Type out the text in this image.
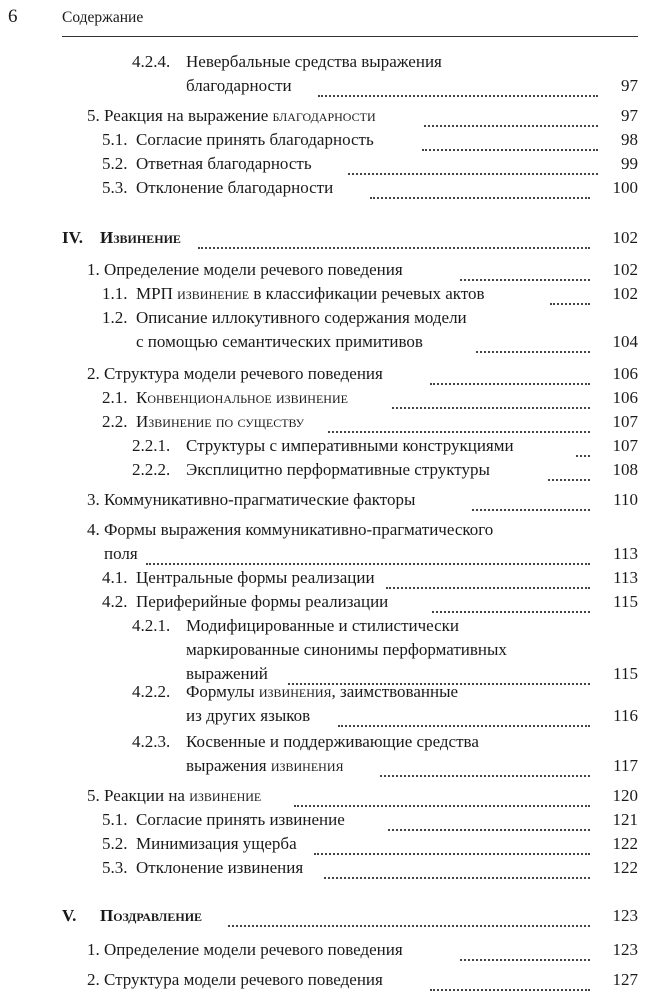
6	Содержание
4.2.4. Невербальные средства выражения
благодарности	97
5. Реакция на выражение благодарности	97
5.1. Согласие принять благодарность	98
5.2. Ответная благодарность	99
5.3. Отклонение благодарности	100
IV. Извинение	102
1. Определение модели речевого поведения	102
1.1. МРП извинение в классификации речевых актов	102
1.2. Описание иллокутивного содержания модели
с помощью семантических примитивов	104
2. Структура модели речевого поведения	106
2.1. Конвенциональное извинение	106
2.2. Извинение по существу	107
2.2.1. Структуры с императивными конструкциями	107
2.2.2. Эксплицитно перформативные структуры	108
3. Коммуникативно-прагматические факторы	110
4. Формы выражения коммуникативно-прагматического
поля	113
4.1. Центральные формы реализации	113
4.2. Периферийные формы реализации	115
4.2.1. Модифицированные и стилистически
маркированные синонимы перформативных
выражений	115
4.2.2. Формулы извинения, заимствованные
из других языков	116
4.2.3. Косвенные и поддерживающие средства
выражения извинения	117
5. Реакции на извинение	120
5.1. Согласие принять извинение	121
5.2. Минимизация ущерба	122
5.3. Отклонение извинения	122
V. Поздравление	123
1. Определение модели речевого поведения	123
2. Структура модели речевого поведения	127
